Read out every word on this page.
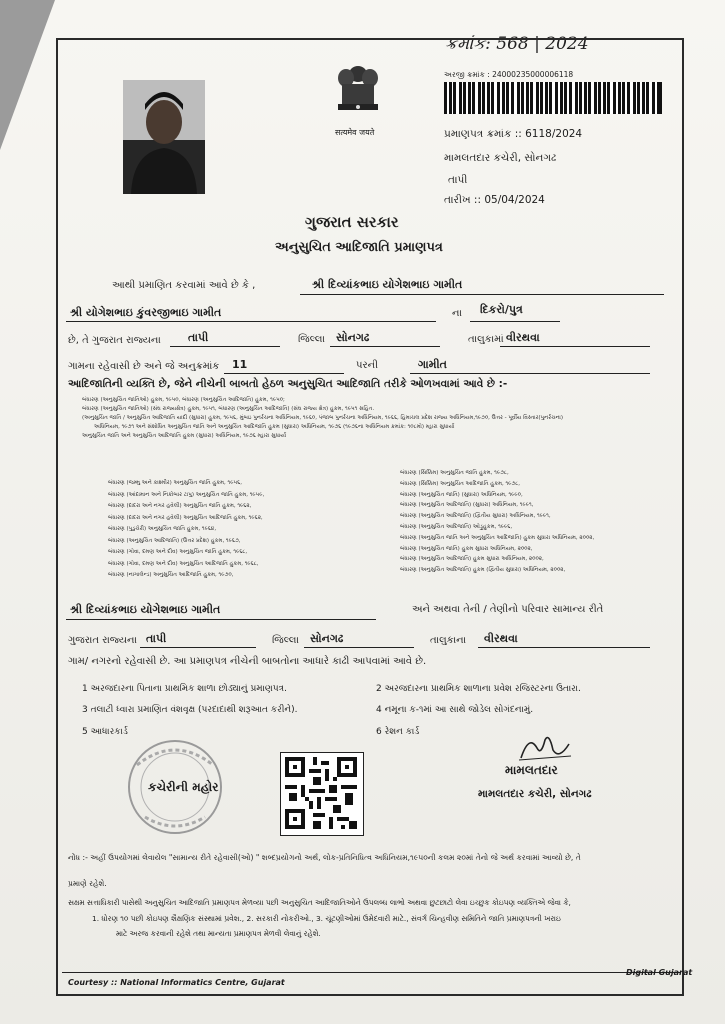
ક્રમાંક: 568 | 2024
सत्यमेव जयते
અરજી ક્રમાંક : 24000235000006118
પ્રમાણપત્ર ક્રમાંક :: 6118/2024
મામલતદાર કચેરી, સોનગઢ
તાપી
તારીખ :: 05/04/2024
ગુજરાત સરકાર
અનુસુચિત આદિજાતિ પ્રમાણપત્ર
આથી પ્રમાણિત કરવામાં આવે છે કે ,	શ્રી દિવ્યાંકભાઇ યોગેશભાઇ ગામીત
શ્રી યોગેશભાઇ કુંવરજીભાઇ ગામીત	ના દિકરો/પુત્ર
છે, તે ગુજરાત રાજ્યના તાપી	જિલ્લા સોનગઢ	તાલુકામાં વીરથવા
ગામના રહેવાસી છે અને જે અનુક્રમાંક 11	પરની	ગામીત
આદિજાતિની વ્યક્તિ છે, જેને નીચેની બાબતો હેઠળ અનુસુચિત આદિજાતિ તરીકે ઓળખવામાં આવે છે :-
બંધારણ (અનુસુચિત જાતિઓ) હુકમ, ૧૯૫૦, બંધારણ (અનુસુચિત આદિજાતિ) હુકમ, ૧૯૫૦;
બંધારણ (અનુસુચિત જાતિઓ) (સંઘ રાજ્યક્ષેત્ર) હુકમ, ૧૯૫૧, બંધારણ (અનુસુચિત આદિજાતિ) (સંઘ રાજ્ય ક્ષેત્ર) હુકમ, ૧૯૫૧ સહિત.
(અનુસુચિત જાતિ / અનુસુચિત આદિજાતિ યાદી (સુધારા) હુકમ, ૧૯૫૬, મુંબઇ પુનર્રચના અધિનિયમ, ૧૯૬૦, પંજાબ પુનર્રચના અધિનિયમ, ૧૯૬૬, હિમાચલ પ્રદેશ રાજ્ય અધિનિયમ,૧૯૭૦, ઉત્તર - પૂર્વીય વિસ્તાર(પુનર્રચના)
અધિનિયમ, ૧૯૭૧ અને સંશોધિત અનુસુચિત જાતિ અને અનુસુચિત આદિજાતિ હુકમ (સુધારા) અધિનિયમ, ૧૯૭૬ (૧૯૭૬ના અધિનિયમ ક્રમાંક: ૧૦૮મો) મ્હારા સુધાર્યા
અનુસુચિત જાતિ અને અનુસુચિત આદિજાતિ હુકમ (સુધારા) અધિનિયમ, ૧૯૭૬ મ્હારા સુધાર્યા
બંધારણ (જમ્મુ અને કાશ્મીર) અનુસુચિત જાતિ હુકમ, ૧૯૫૬,
બંધારણ (આંદામાન અને નિકોબાર ટાપુ) અનુસુચિત જાતિ હુકમ, ૧૯૫૯,
બંધારણ (દાદરા અને નગર હવેલી) અનુસુચિત જાતિ હુકમ, ૧૯૬૨,
બંધારણ (દાદરા અને નગર હવેલી) અનુસુચિત આદિજાતિ હુકમ, ૧૯૬૨,
બંધારણ (પુડુચેરી) અનુસુચિત જાતિ હુકમ, ૧૯૬૪,
બંધારણ (અનુસુચિત આદિજાતિ) (ઉત્તર પ્રદેશ) હુકમ, ૧૯૬૭,
બંધારણ (ગોવા, દમણ અને દીવ) અનુસુચિત જાતિ હુકમ, ૧૯૬૮,
બંધારણ (ગોવા, દમણ અને દીવ) અનુસુચિત આદિજાતિ હુકમ, ૧૯૬૮,
બંધારણ (નાગાલેન્ડ) અનુસુચિત આદિજાતિ હુકમ, ૧૯૭૦,
બંધારણ (સિક્કિમ) અનુસુચિત જાતિ હુકમ, ૧૯૭૮,
બંધારણ (સિક્કિમ) અનુસુચિત આદિજાતિ હુકમ, ૧૯૭૮,
બંધારણ (અનુસુચિત જાતિ) (સુધારા) અધિનિયમ, ૧૯૯૦,
બંધારણ (અનુસુચિત આદિજાતિ) (સુધારા) અધિનિયમ, ૧૯૯૧,
બંધારણ (અનુસુચિત આદિજાતિ) (દ્વિતીય સુધારા) અધિનિયમ, ૧૯૯૧,
બંધારણ (અનુસુચિત આદિજાતિ) ઓડ્રુહુકમ, ૧૯૯૬,
બંધારણ (અનુસુચિત જાતિ અને અનુસુચિત આદિજાતિ) હુકમ સુધારા અધિનિયમ, ૨૦૦૨,
બંધારણ (અનુસુચિત જાતિ) હુકમ સુધારા અધિનિયમ, ૨૦૦૨,
બંધારણ (અનુસુચિત આદિજાતિ) હુકમ સુધારા અધિનિયમ, ૨૦૦૨,
બંધારણ (અનુસુચિત આદિજાતિ) હુકમ (દ્વિતીય સુધારા) અધિનિયમ, ૨૦૦૨,
શ્રી દિવ્યાંકભાઇ યોગેશભાઇ ગામીત	અને અથવા તેની / તેણીનો પરિવાર સામાન્ય રીતે
ગુજરાત રાજ્યના તાપી	જિલ્લા સોનગઢ	તાલુકાના વીરથવા
ગામ/ નગરનો રહેવાસી છે. આ પ્રમાણપત્ર નીચેની બાબતોના આધારે કાઢી આપવામાં આવે છે.
1 અરજદારના પિતાના પ્રાથમિક શાળા છોડ્યાનું પ્રમાણપત્ર.	2 અરજદારના પ્રાથમિક શાળાના પ્રવેશ રજિસ્ટરના ઉતારા.
3 તલાટી ધ્વારા પ્રમાણિત વંશવૃક્ષ (પરદાદાથી શરૂઆત કરીને).	4 નમૂના ક-૧માં આ સાથે જોડેલ સોગંદનામું.
5 આધારકાર્ડ	6 રેશન કાર્ડ
કચેરીની મહોર
મામલતદાર
મામલતદાર કચેરી, સોનગઢ
નોંધ :- અહીં ઉપયોગમાં લેવાયેલ "સામાન્ય રીતે રહેવાસી(ઓ) " શબ્દપ્રયોગનો અર્થ, લોક-પ્રતિનિધિત્વ અધિનિયમ,૧૯૫૦ની કલમ ૨૦માં તેનો જે અર્થ કરવામાં આવ્યો છે, તે
પ્રમાણે રહેશે.
સક્ષમ સત્તાધિકારી પાસેથી અનુસુચિત આદિજાતિ પ્રમાણપત્ર મેળવ્યા પછી અનુસુચિત આદિજાતિઓને ઉપલબ્ધ લાભો અથવા છુટછાટો લેવા ઇચ્છુક કોઇપણ વ્યક્તિએ જેવા કે,
1. ધોરણ ૧૦ પછી કોઇપણ શૈક્ષણિક સંસ્થામાં પ્રવેશ., 2. સરકારી નોકરીઓ., 3. ચૂંટણીઓમાં ઉમેદવારી માટે., સંવર્ગ ચિન્હવીણ સમિતિને જાતિ પ્રમાણપત્રની ખરાઇ
માટે અરજ કરવાની રહેશે તથા માન્યતા પ્રમાણપત્ર મેળવી લેવાનું રહેશે.
Courtesy :: National Informatics Centre, Gujarat
Digital Gujarat
